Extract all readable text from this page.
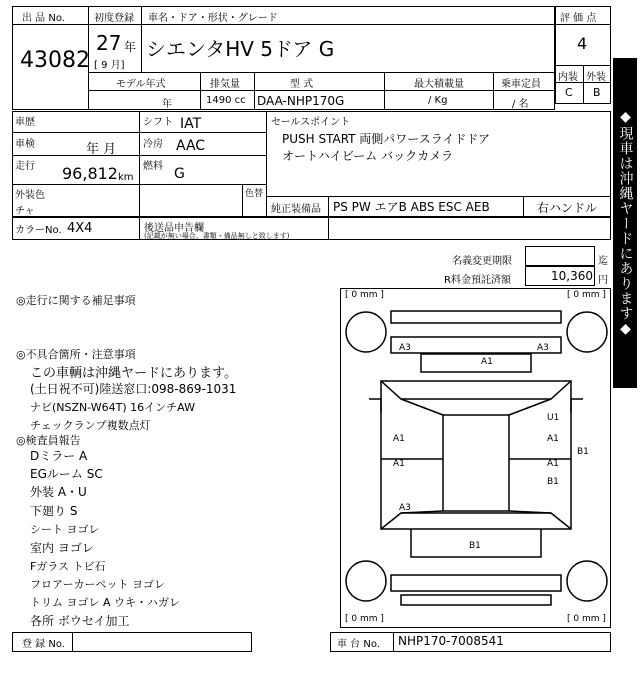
出 品 No.
43082
初度登録
27 年
[ 9 月]
車名・ドア・形状・グレード
シエンタHV 5ドア G
モデル年式
年
排気量
1490 cc
型 式
DAA-NHP170G
最大積載量
/ Kg
乗車定員
/ 名
評 価 点
4
内装 外装
C B
車歴
車検	年 月
走行 96,812 km
シフト IAT
冷房 AAC
燃料 G
外装色
チャ
色替
セールスポイント
PUSH START 両側パワースライドドア
オートハイビーム バックカメラ
純正装備品 PS PW エアB ABS ESC AEB	右ハンドル
カラーNo. 4X4	後送品申告欄
(記載が無い場合、書類・備品無しと致します)
名義変更期限	迄
R料金預託済額	10,360 円 ◆現車は沖縄ヤードにあります◆
◎走行に関する補足事項
◎不具合箇所・注意事項
この車輌は沖縄ヤードにあります。
(土日祝不可)陸送窓口:098-869-1031
ナビ(NSZN-W64T) 16インチAW
チェックランプ複数点灯
◎検査員報告
Dミラー A
EGルーム SC
外装 A・U
下廻り S
シート ヨゴレ
室内 ヨゴレ
Fガラス トビ石
フロアーカーペット ヨゴレ
トリム ヨゴレ A ウキ・ハガレ
各所 ボウセイ加工
[ 0 mm ]	[ 0 mm ]
[ 0 mm ]	[ 0 mm ]
A3	A3
A1
U1
A1	A1
A1	A1
B1
B1
A3
B1
登 録 No.	車 台 No. NHP170-7008541
